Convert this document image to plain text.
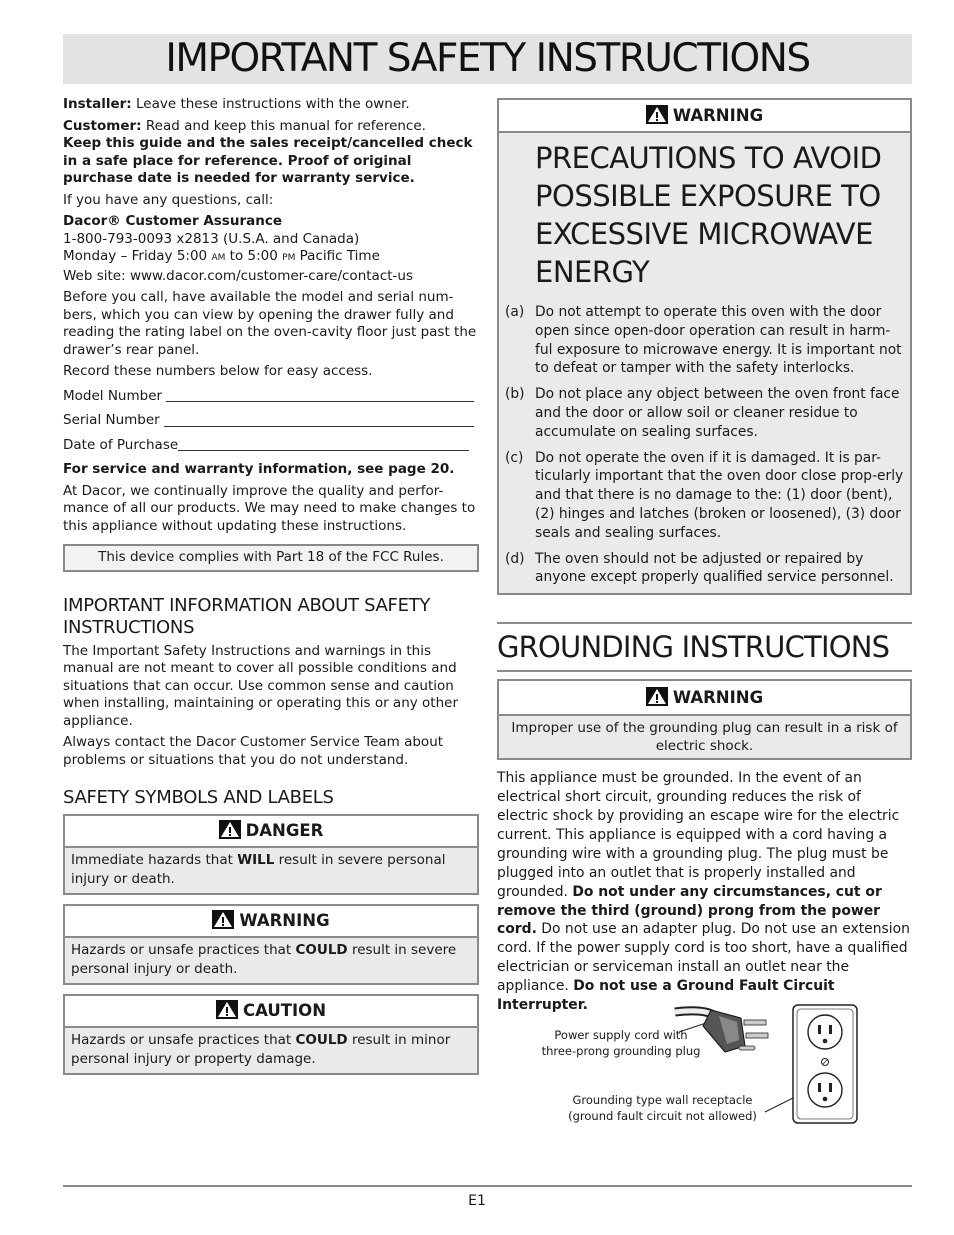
IMPORTANT SAFETY INSTRUCTIONS

Installer: Leave these instructions with the owner.

Customer: Read and keep this manual for reference.
Keep this guide and the sales receipt/cancelled check in a safe place for reference. Proof of original purchase date is needed for warranty service.

If you have any questions, call:

Dacor® Customer Assurance
1-800-793-0093 x2813 (U.S.A. and Canada)
Monday – Friday 5:00 AM to 5:00 PM Pacific Time
Web site: www.dacor.com/customer-care/contact-us

Before you call, have available the model and serial num-bers, which you can view by opening the drawer fully and reading the rating label on the oven-cavity floor just past the drawer’s rear panel.

Record these numbers below for easy access.

Model Number
Serial Number
Date of Purchase

For service and warranty information, see page 20.

At Dacor, we continually improve the quality and perfor-mance of all our products. We may need to make changes to this appliance without updating these instructions.

This device complies with Part 18 of the FCC Rules.
IMPORTANT INFORMATION ABOUT SAFETY INSTRUCTIONS

The Important Safety Instructions and warnings in this manual are not meant to cover all possible conditions and situations that can occur. Use common sense and caution when installing, maintaining or operating this or any other appliance.

Always contact the Dacor Customer Service Team about problems or situations that you do not understand.

SAFETY SYMBOLS AND LABELS
DANGER
Immediate hazards that WILL result in severe personal injury or death.
WARNING
Hazards or unsafe practices that COULD result in severe personal injury or death.
CAUTION
Hazards or unsafe practices that COULD result in minor personal injury or property damage.
WARNING
PRECAUTIONS TO AVOID POSSIBLE EXPOSURE TO EXCESSIVE MICROWAVE ENERGY
(a) Do not attempt to operate this oven with the door open since open-door operation can result in harm-ful exposure to microwave energy. It is important not to defeat or tamper with the safety interlocks.
(b) Do not place any object between the oven front face and the door or allow soil or cleaner residue to accumulate on sealing surfaces.
(c) Do not operate the oven if it is damaged. It is par-ticularly important that the oven door close prop-erly and that there is no damage to the: (1) door (bent), (2) hinges and latches (broken or loosened), (3) door seals and sealing surfaces.
(d) The oven should not be adjusted or repaired by anyone except properly qualified service personnel.
GROUNDING INSTRUCTIONS
WARNING
Improper use of the grounding plug can result in a risk of electric shock.
This appliance must be grounded. In the event of an electrical short circuit, grounding reduces the risk of electric shock by providing an escape wire for the electric current. This appliance is equipped with a cord having a grounding wire with a grounding plug. The plug must be plugged into an outlet that is properly installed and grounded. Do not under any circumstances, cut or remove the third (ground) prong from the power cord. Do not use an adapter plug. Do not use an extension cord. If the power supply cord is too short, have a qualified electrician or serviceman install an outlet near the appliance. Do not use a Ground Fault Circuit Interrupter.
Power supply cord with
three-prong grounding plug
Grounding type wall receptacle
(ground fault circuit not allowed)
E1
